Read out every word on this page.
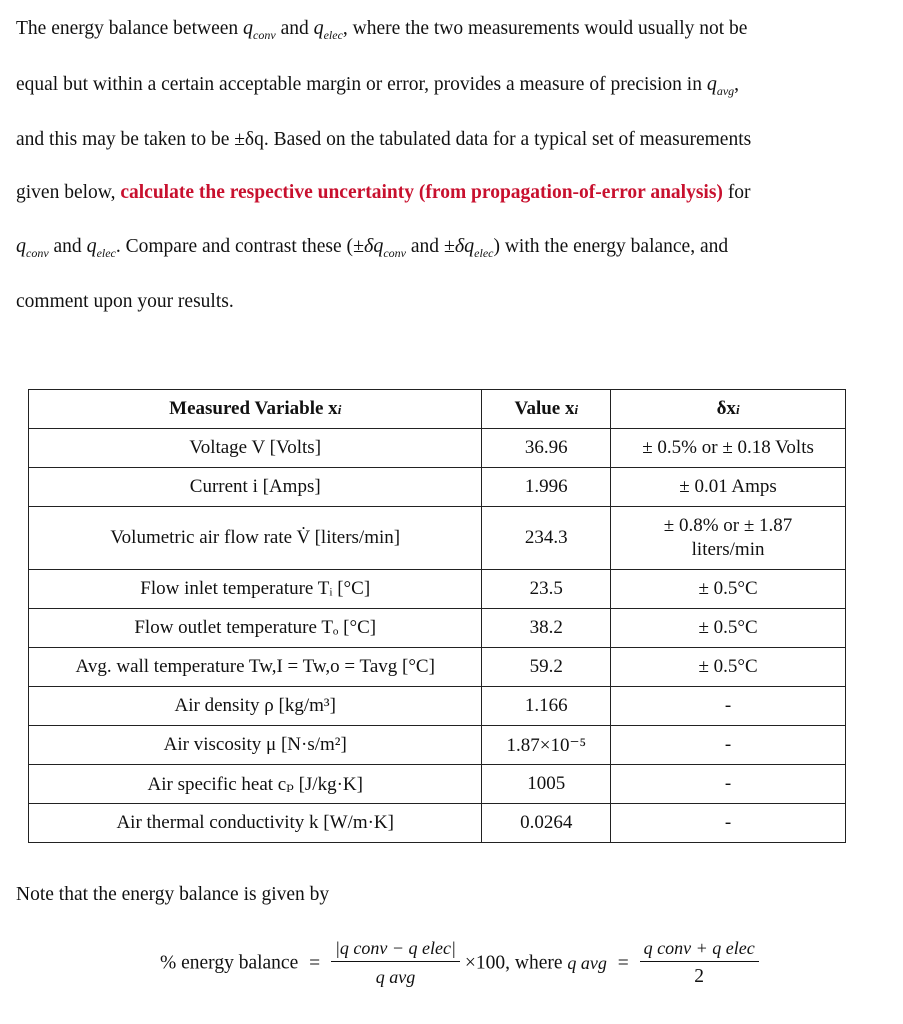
The energy balance between $q_{conv}$ and $q_{elec}$, where the two measurements would usually not be
equal but within a certain acceptable margin or error, provides a measure of precision in $q_{avg}$,
and this may be taken to be ±δq. Based on the tabulated data for a typical set of measurements
given below, calculate the respective uncertainty (from propagation-of-error analysis) for
$q_{conv}$ and $q_{elec}$. Compare and contrast these ($\pm\delta q_{conv}$ and $\pm\delta q_{elec}$) with the energy balance, and
comment upon your results.
Measured Variable xi	Value xi	δxi
Voltage V [Volts]	36.96	± 0.5% or ± 0.18 Volts
Current i [Amps]	1.996	± 0.01 Amps
Volumetric air flow rate V̇ [liters/min]	234.3	± 0.8% or ± 1.87
liters/min
Flow inlet temperature Tᵢ [°C]	23.5	± 0.5°C
Flow outlet temperature Tₒ [°C]	38.2	± 0.5°C
Avg. wall temperature Tw,I = Tw,o = Tavg [°C]	59.2	± 0.5°C
Air density ρ [kg/m³]	1.166	-
Air viscosity μ [N·s/m²]	1.87×10⁻⁵	-
Air specific heat cₚ [J/kg·K]	1005	-
Air thermal conductivity k [W/m·K]	0.0264	-
Note that the energy balance is given by
% energy balance = $\frac{\text{|q conv − q elec|}}{\text{q avg}} \times 100$, where q avg = $\frac{\text{q conv + q elec}}{2}$
